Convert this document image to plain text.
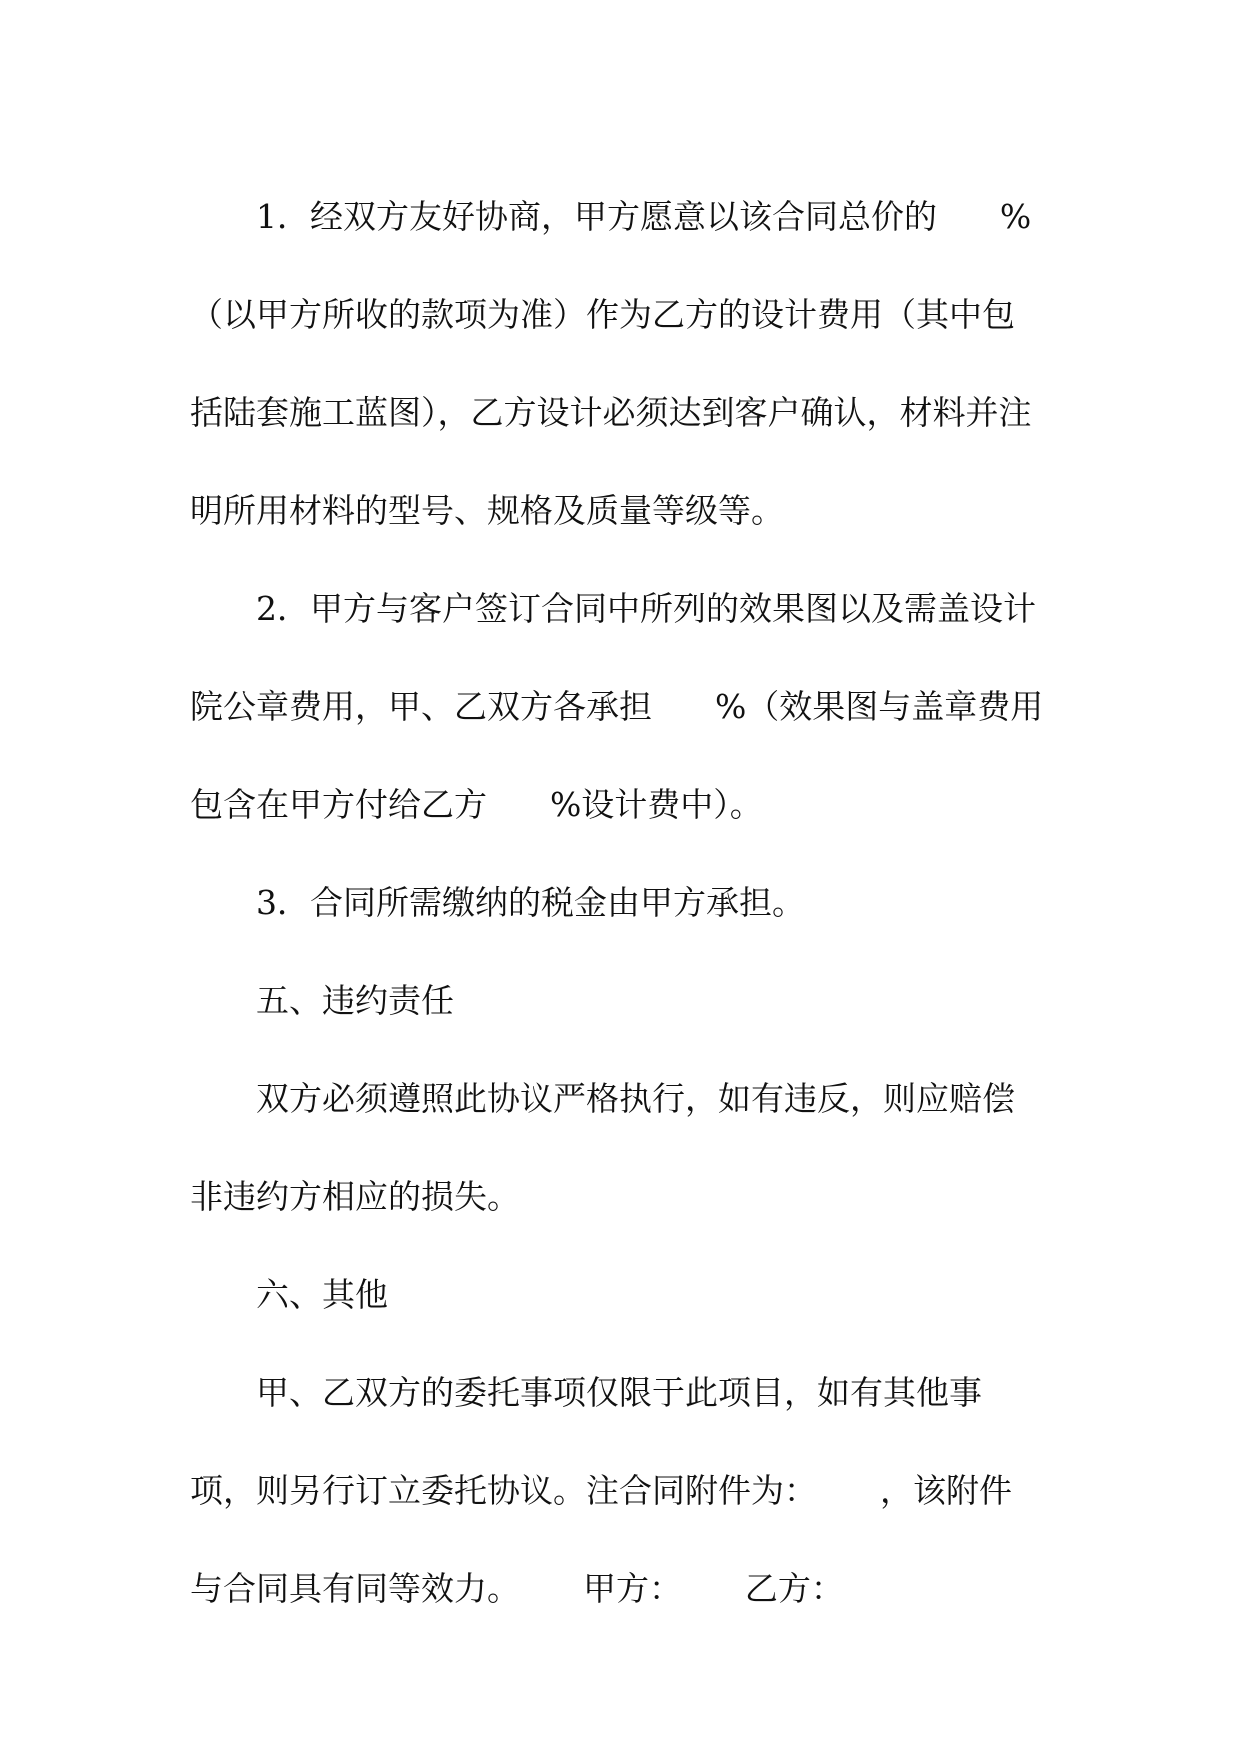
1．经双方友好协商，甲方愿意以该合同总价的      %
（以甲方所收的款项为准）作为乙方的设计费用（其中包
括陆套施工蓝图），乙方设计必须达到客户确认，材料并注
明所用材料的型号、规格及质量等级等。
2．甲方与客户签订合同中所列的效果图以及需盖设计
院公章费用，甲、乙双方各承担      %（效果图与盖章费用
包含在甲方付给乙方      %设计费中）。
3．合同所需缴纳的税金由甲方承担。
五、违约责任
双方必须遵照此协议严格执行，如有违反，则应赔偿
非违约方相应的损失。
六、其他
甲、乙双方的委托事项仅限于此项目，如有其他事
项，则另行订立委托协议。注合同附件为：      ，该附件
与合同具有同等效力。      甲方：      乙方：
